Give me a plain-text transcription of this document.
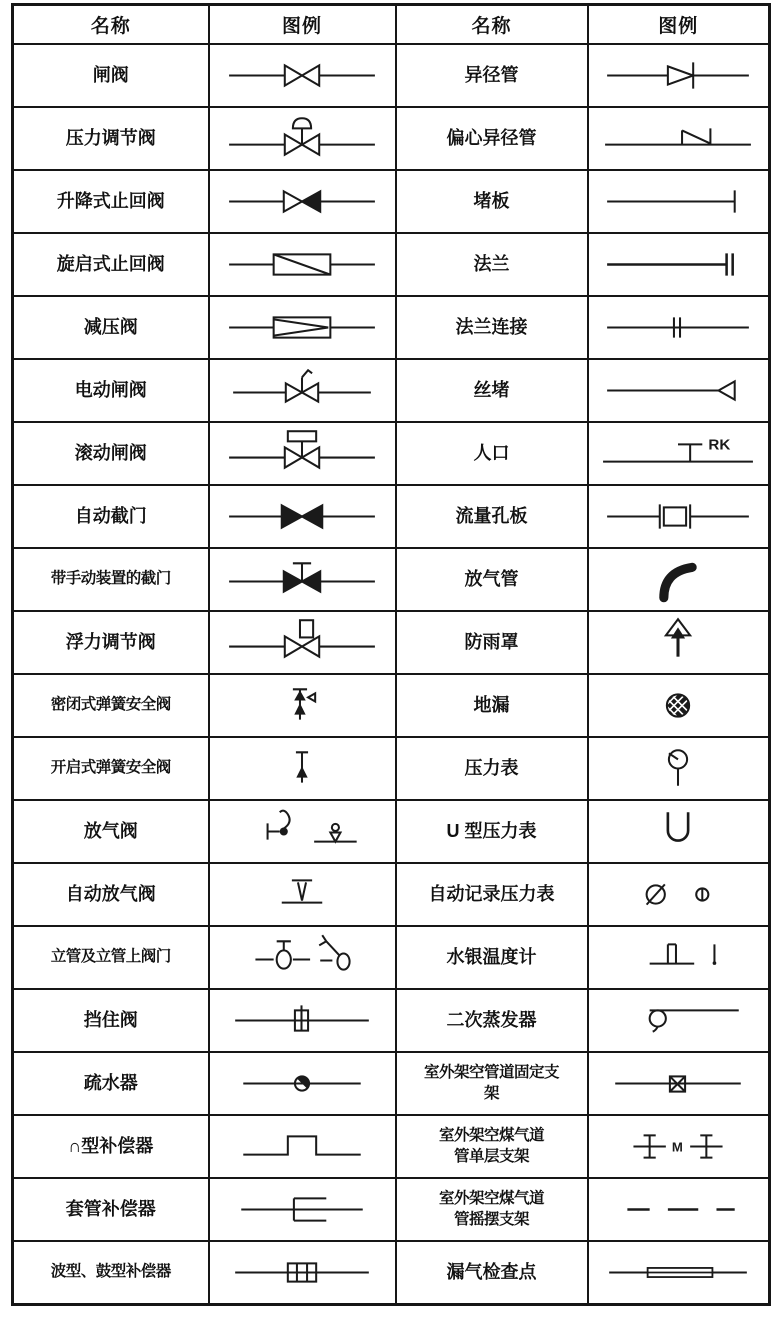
名称	图例	名称	图例

闸阀		异径管

压力调节阀		偏心异径管

升降式止回阀		堵板

旋启式止回阀		法兰

减压阀		法兰连接

电动闸阀		丝堵

滚动闸阀		人口	RK

自动截门		流量孔板

带手动装置的截门		放气管

浮力调节阀		防雨罩

密闭式弹簧安全阀		地漏

开启式弹簧安全阀		压力表

放气阀		U 型压力表

自动放气阀		自动记录压力表

立管及立管上阀门		水银温度计

挡住阀		二次蒸发器

疏水器		室外架空管道固定支
架

∩型补偿器		室外架空煤气道
管单层支架	M

套管补偿器		室外架空煤气道
管摇摆支架

波型、鼓型补偿器		漏气检查点
